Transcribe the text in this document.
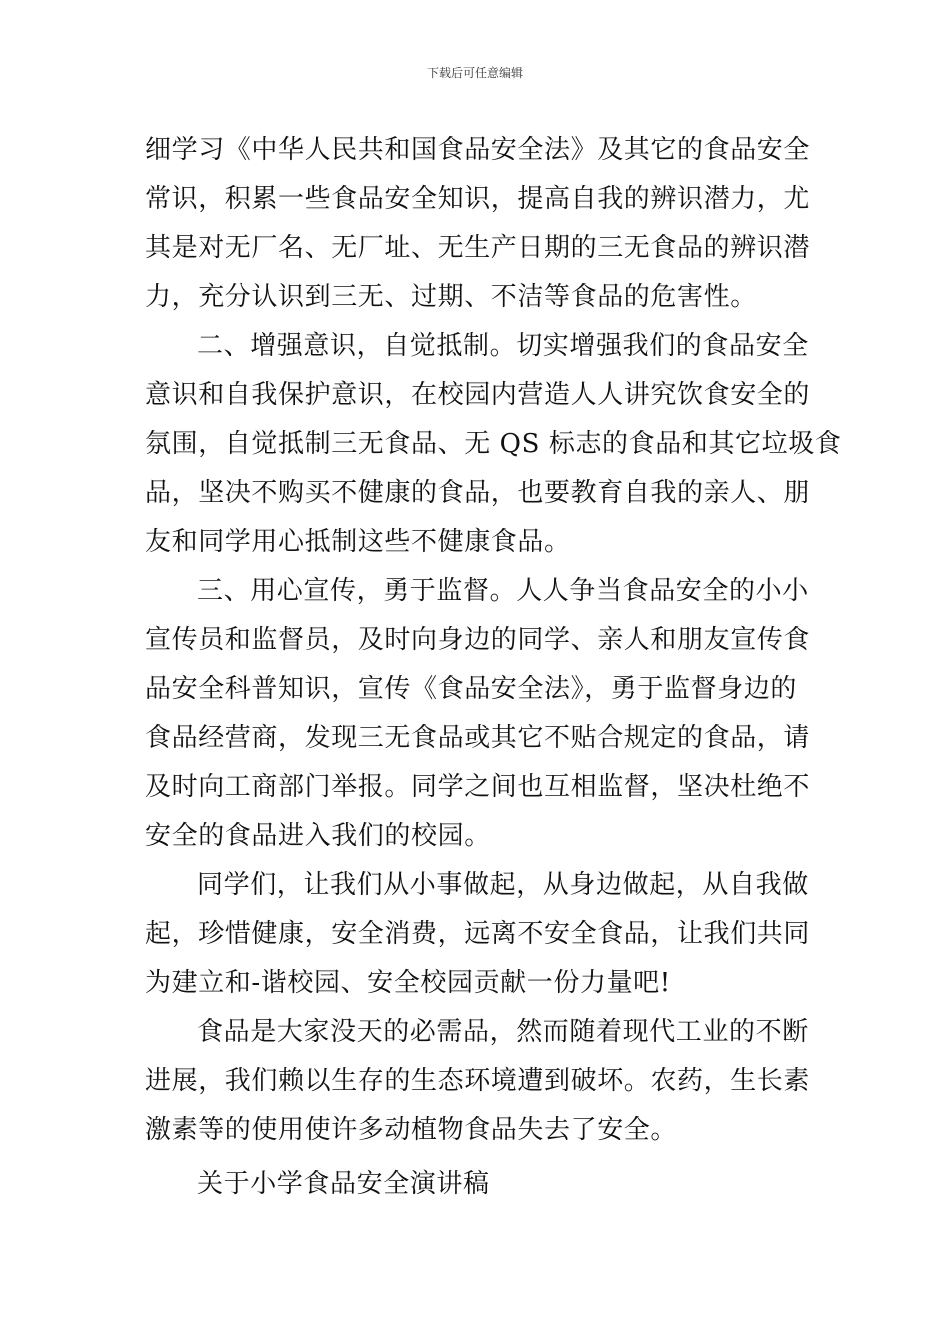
下载后可任意编辑
细学习《中华人民共和国食品安全法》及其它的食品安全
常识，积累一些食品安全知识，提高自我的辨识潜力，尤
其是对无厂名、无厂址、无生产日期的三无食品的辨识潜
力，充分认识到三无、过期、不洁等食品的危害性。
二、增强意识，自觉抵制。切实增强我们的食品安全
意识和自我保护意识，在校园内营造人人讲究饮食安全的
氛围，自觉抵制三无食品、无 QS 标志的食品和其它垃圾食
品，坚决不购买不健康的食品，也要教育自我的亲人、朋
友和同学用心抵制这些不健康食品。
三、用心宣传，勇于监督。人人争当食品安全的小小
宣传员和监督员，及时向身边的同学、亲人和朋友宣传食
品安全科普知识，宣传《食品安全法》，勇于监督身边的
食品经营商，发现三无食品或其它不贴合规定的食品，请
及时向工商部门举报。同学之间也互相监督，坚决杜绝不
安全的食品进入我们的校园。
同学们，让我们从小事做起，从身边做起，从自我做
起，珍惜健康，安全消费，远离不安全食品，让我们共同
为建立和-谐校园、安全校园贡献一份力量吧!
食品是大家没天的必需品，然而随着现代工业的不断
进展，我们赖以生存的生态环境遭到破坏。农药，生长素
激素等的使用使许多动植物食品失去了安全。
关于小学食品安全演讲稿
